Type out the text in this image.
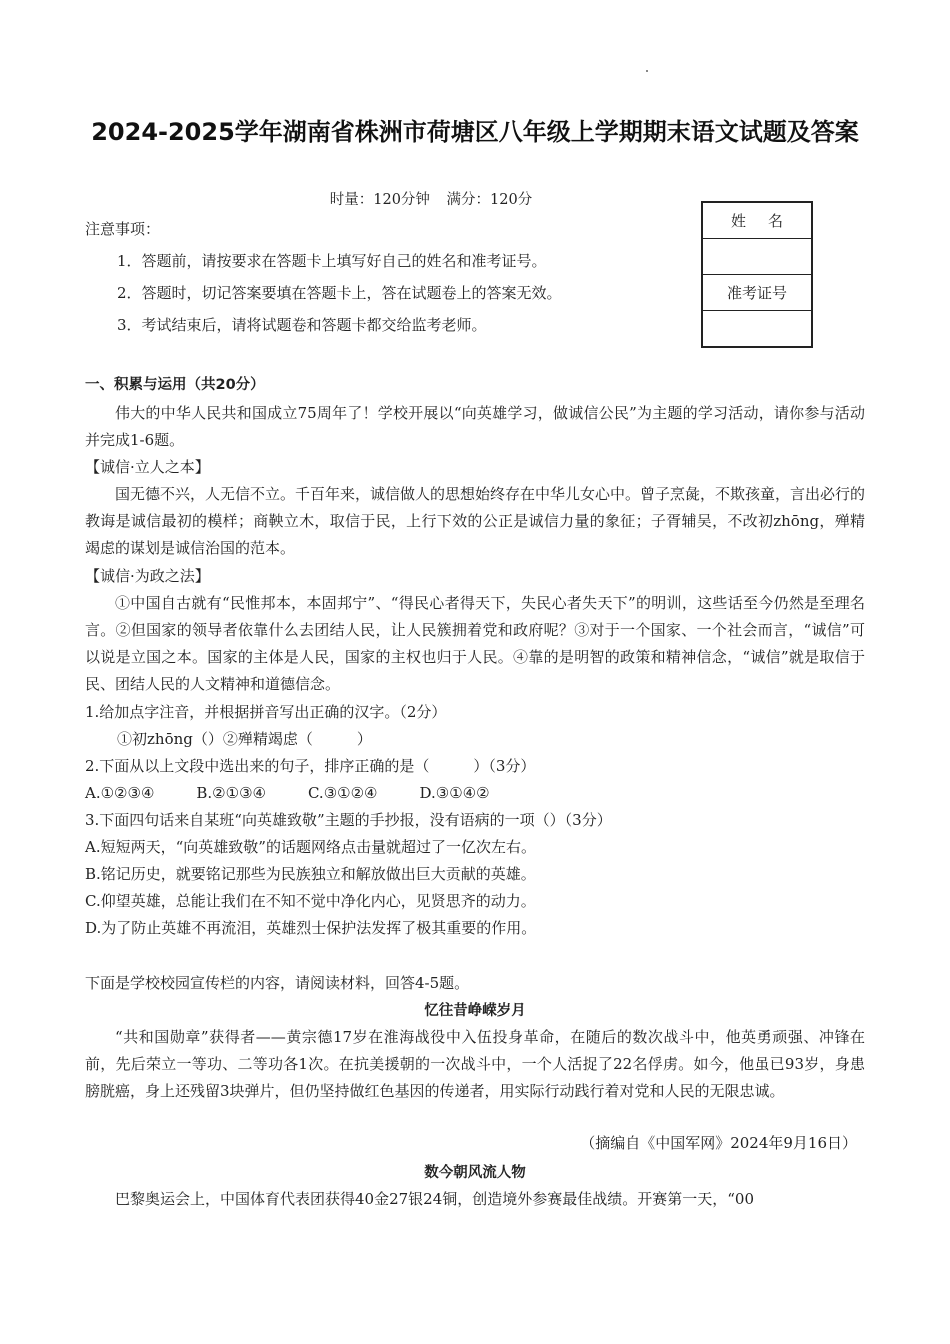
2024-2025学年湖南省株洲市荷塘区八年级上学期期末语文试题及答案
时量：120分钟 满分：120分
姓名
准考证号
注意事项：
1．答题前，请按要求在答题卡上填写好自己的姓名和准考证号。
2．答题时，切记答案要填在答题卡上，答在试题卷上的答案无效。
3．考试结束后，请将试题卷和答题卡都交给监考老师。
一、积累与运用（共20分）
伟大的中华人民共和国成立75周年了！学校开展以“向英雄学习，做诚信公民”为主题的学习活动，请你参与活动并完成1-6题。
【诚信·立人之本】
国无德不兴，人无信不立。千百年来，诚信做人的思想始终存在中华儿女心中。曾子烹彘，不欺孩童，言出必行的教诲是诚信最初的模样；商鞅立木，取信于民，上行下效的公正是诚信力量的象征；子胥辅吴，不改初zhōng，殚精竭虑的谋划是诚信治国的范本。
【诚信·为政之法】
①中国自古就有“民惟邦本，本固邦宁”、“得民心者得天下，失民心者失天下”的明训，这些话至今仍然是至理名言。②但国家的领导者依靠什么去团结人民，让人民簇拥着党和政府呢？③对于一个国家、一个社会而言，“诚信”可以说是立国之本。国家的主体是人民，国家的主权也归于人民。④靠的是明智的政策和精神信念，“诚信”就是取信于民、团结人民的人文精神和道德信念。
1.给加点字注音，并根据拼音写出正确的汉字。（2分）
①初zhōng（）②殚精竭虑（	）
2.下面从以上文段中选出来的句子，排序正确的是（	）（3分）
A.①②③④	B.②①③④	C.③①②④	D.③①④②
3.下面四句话来自某班“向英雄致敬”主题的手抄报，没有语病的一项（）（3分）
A.短短两天，“向英雄致敬”的话题网络点击量就超过了一亿次左右。
B.铭记历史，就要铭记那些为民族独立和解放做出巨大贡献的英雄。
C.仰望英雄，总能让我们在不知不觉中净化内心，见贤思齐的动力。
D.为了防止英雄不再流泪，英雄烈士保护法发挥了极其重要的作用。
下面是学校校园宣传栏的内容，请阅读材料，回答4-5题。
忆往昔峥嵘岁月
“共和国勋章”获得者——黄宗德17岁在淮海战役中入伍投身革命，在随后的数次战斗中，他英勇顽强、冲锋在前，先后荣立一等功、二等功各1次。在抗美援朝的一次战斗中，一个人活捉了22名俘虏。如今，他虽已93岁，身患膀胱癌，身上还残留3块弹片，但仍坚持做红色基因的传递者，用实际行动践行着对党和人民的无限忠诚。
（摘编自《中国军网》2024年9月16日）
数今朝风流人物
巴黎奥运会上，中国体育代表团获得40金27银24铜，创造境外参赛最佳战绩。开赛第一天，“00
